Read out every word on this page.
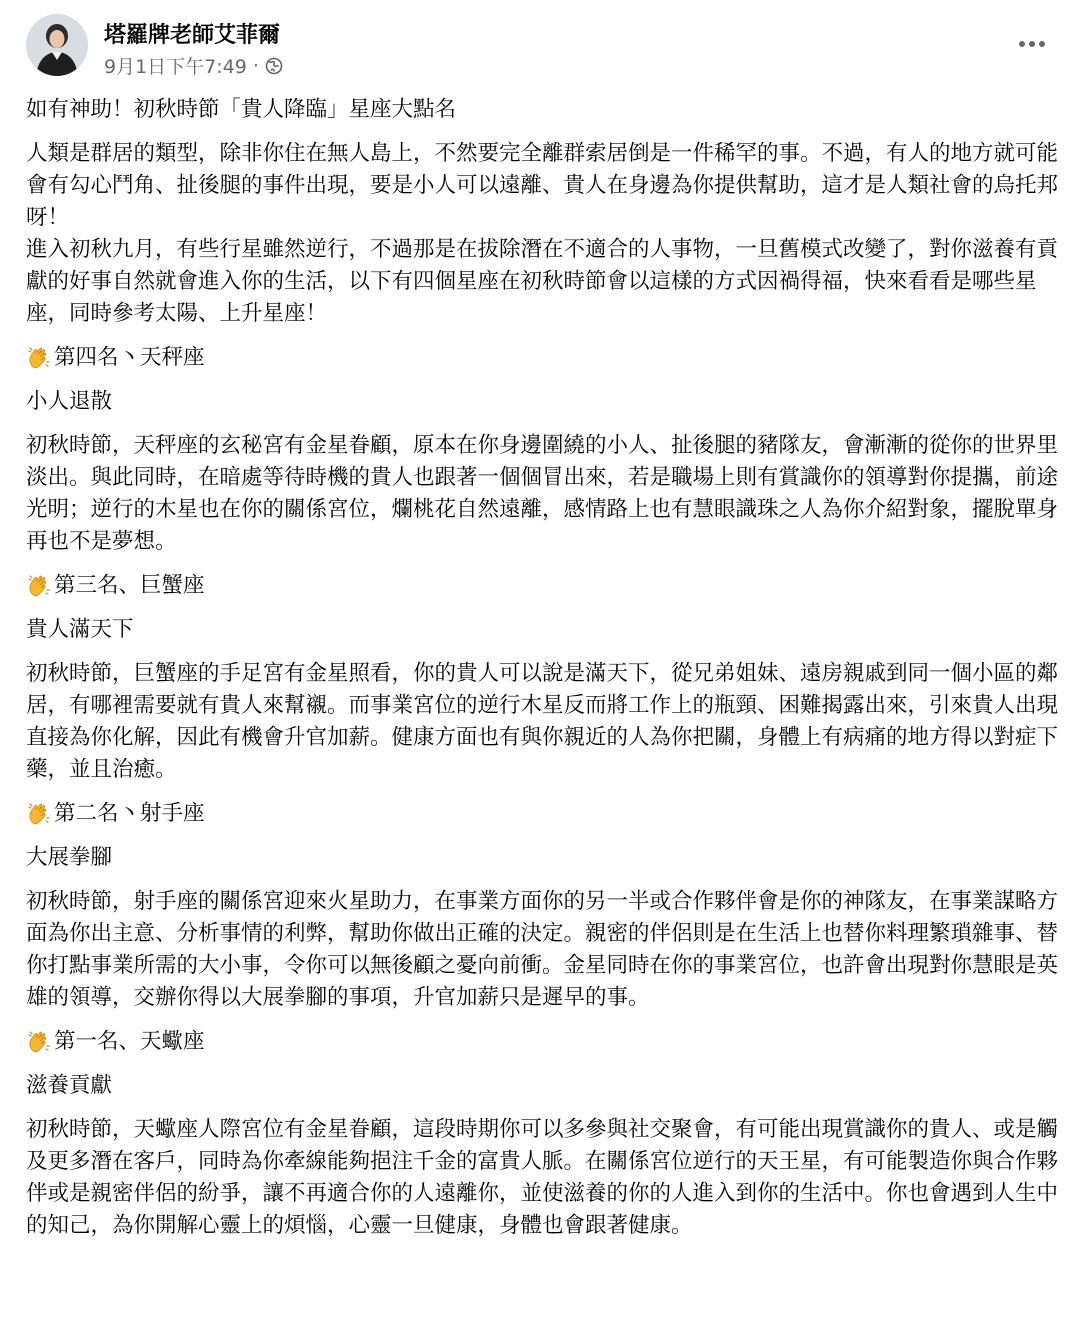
塔羅牌老師艾菲爾
9月1日下午7:49 ·

如有神助！初秋時節「貴人降臨」星座大點名

人類是群居的類型，除非你住在無人島上，不然要完全離群索居倒是一件稀罕的事。不過，有人的地方就可能會有勾心鬥角、扯後腿的事件出現，要是小人可以遠離、貴人在身邊為你提供幫助，這才是人類社會的烏托邦呀！

進入初秋九月，有些行星雖然逆行，不過那是在拔除潛在不適合的人事物，一旦舊模式改變了，對你滋養有貢獻的好事自然就會進入你的生活，以下有四個星座在初秋時節會以這樣的方式因禍得福，快來看看是哪些星座，同時參考太陽、上升星座！

第四名丶天秤座

小人退散

初秋時節，天秤座的玄秘宮有金星眷顧，原本在你身邊圍繞的小人、扯後腿的豬隊友，會漸漸的從你的世界里淡出。與此同時，在暗處等待時機的貴人也跟著一個個冒出來，若是職場上則有賞識你的領導對你提攜，前途光明；逆行的木星也在你的關係宮位，爛桃花自然遠離，感情路上也有慧眼識珠之人為你介紹對象，擺脫單身再也不是夢想。

第三名、巨蟹座

貴人滿天下

初秋時節，巨蟹座的手足宮有金星照看，你的貴人可以說是滿天下，從兄弟姐妹、遠房親戚到同一個小區的鄰居，有哪裡需要就有貴人來幫襯。而事業宮位的逆行木星反而將工作上的瓶頸、困難揭露出來，引來貴人出現直接為你化解，因此有機會升官加薪。健康方面也有與你親近的人為你把關，身體上有病痛的地方得以對症下藥，並且治癒。

第二名丶射手座

大展拳腳

初秋時節，射手座的關係宮迎來火星助力，在事業方面你的另一半或合作夥伴會是你的神隊友，在事業謀略方面為你出主意、分析事情的利弊，幫助你做出正確的決定。親密的伴侶則是在生活上也替你料理繁瑣雜事、替你打點事業所需的大小事，令你可以無後顧之憂向前衝。金星同時在你的事業宮位，也許會出現對你慧眼是英雄的領導，交辦你得以大展拳腳的事項，升官加薪只是遲早的事。

第一名、天蠍座

滋養貢獻

初秋時節，天蠍座人際宮位有金星眷顧，這段時期你可以多參與社交聚會，有可能出現賞識你的貴人、或是觸及更多潛在客戶，同時為你牽線能夠挹注千金的富貴人脈。在關係宮位逆行的天王星，有可能製造你與合作夥伴或是親密伴侶的紛爭，讓不再適合你的人遠離你，並使滋養的你的人進入到你的生活中。你也會遇到人生中的知己，為你開解心靈上的煩惱，心靈一旦健康，身體也會跟著健康。
